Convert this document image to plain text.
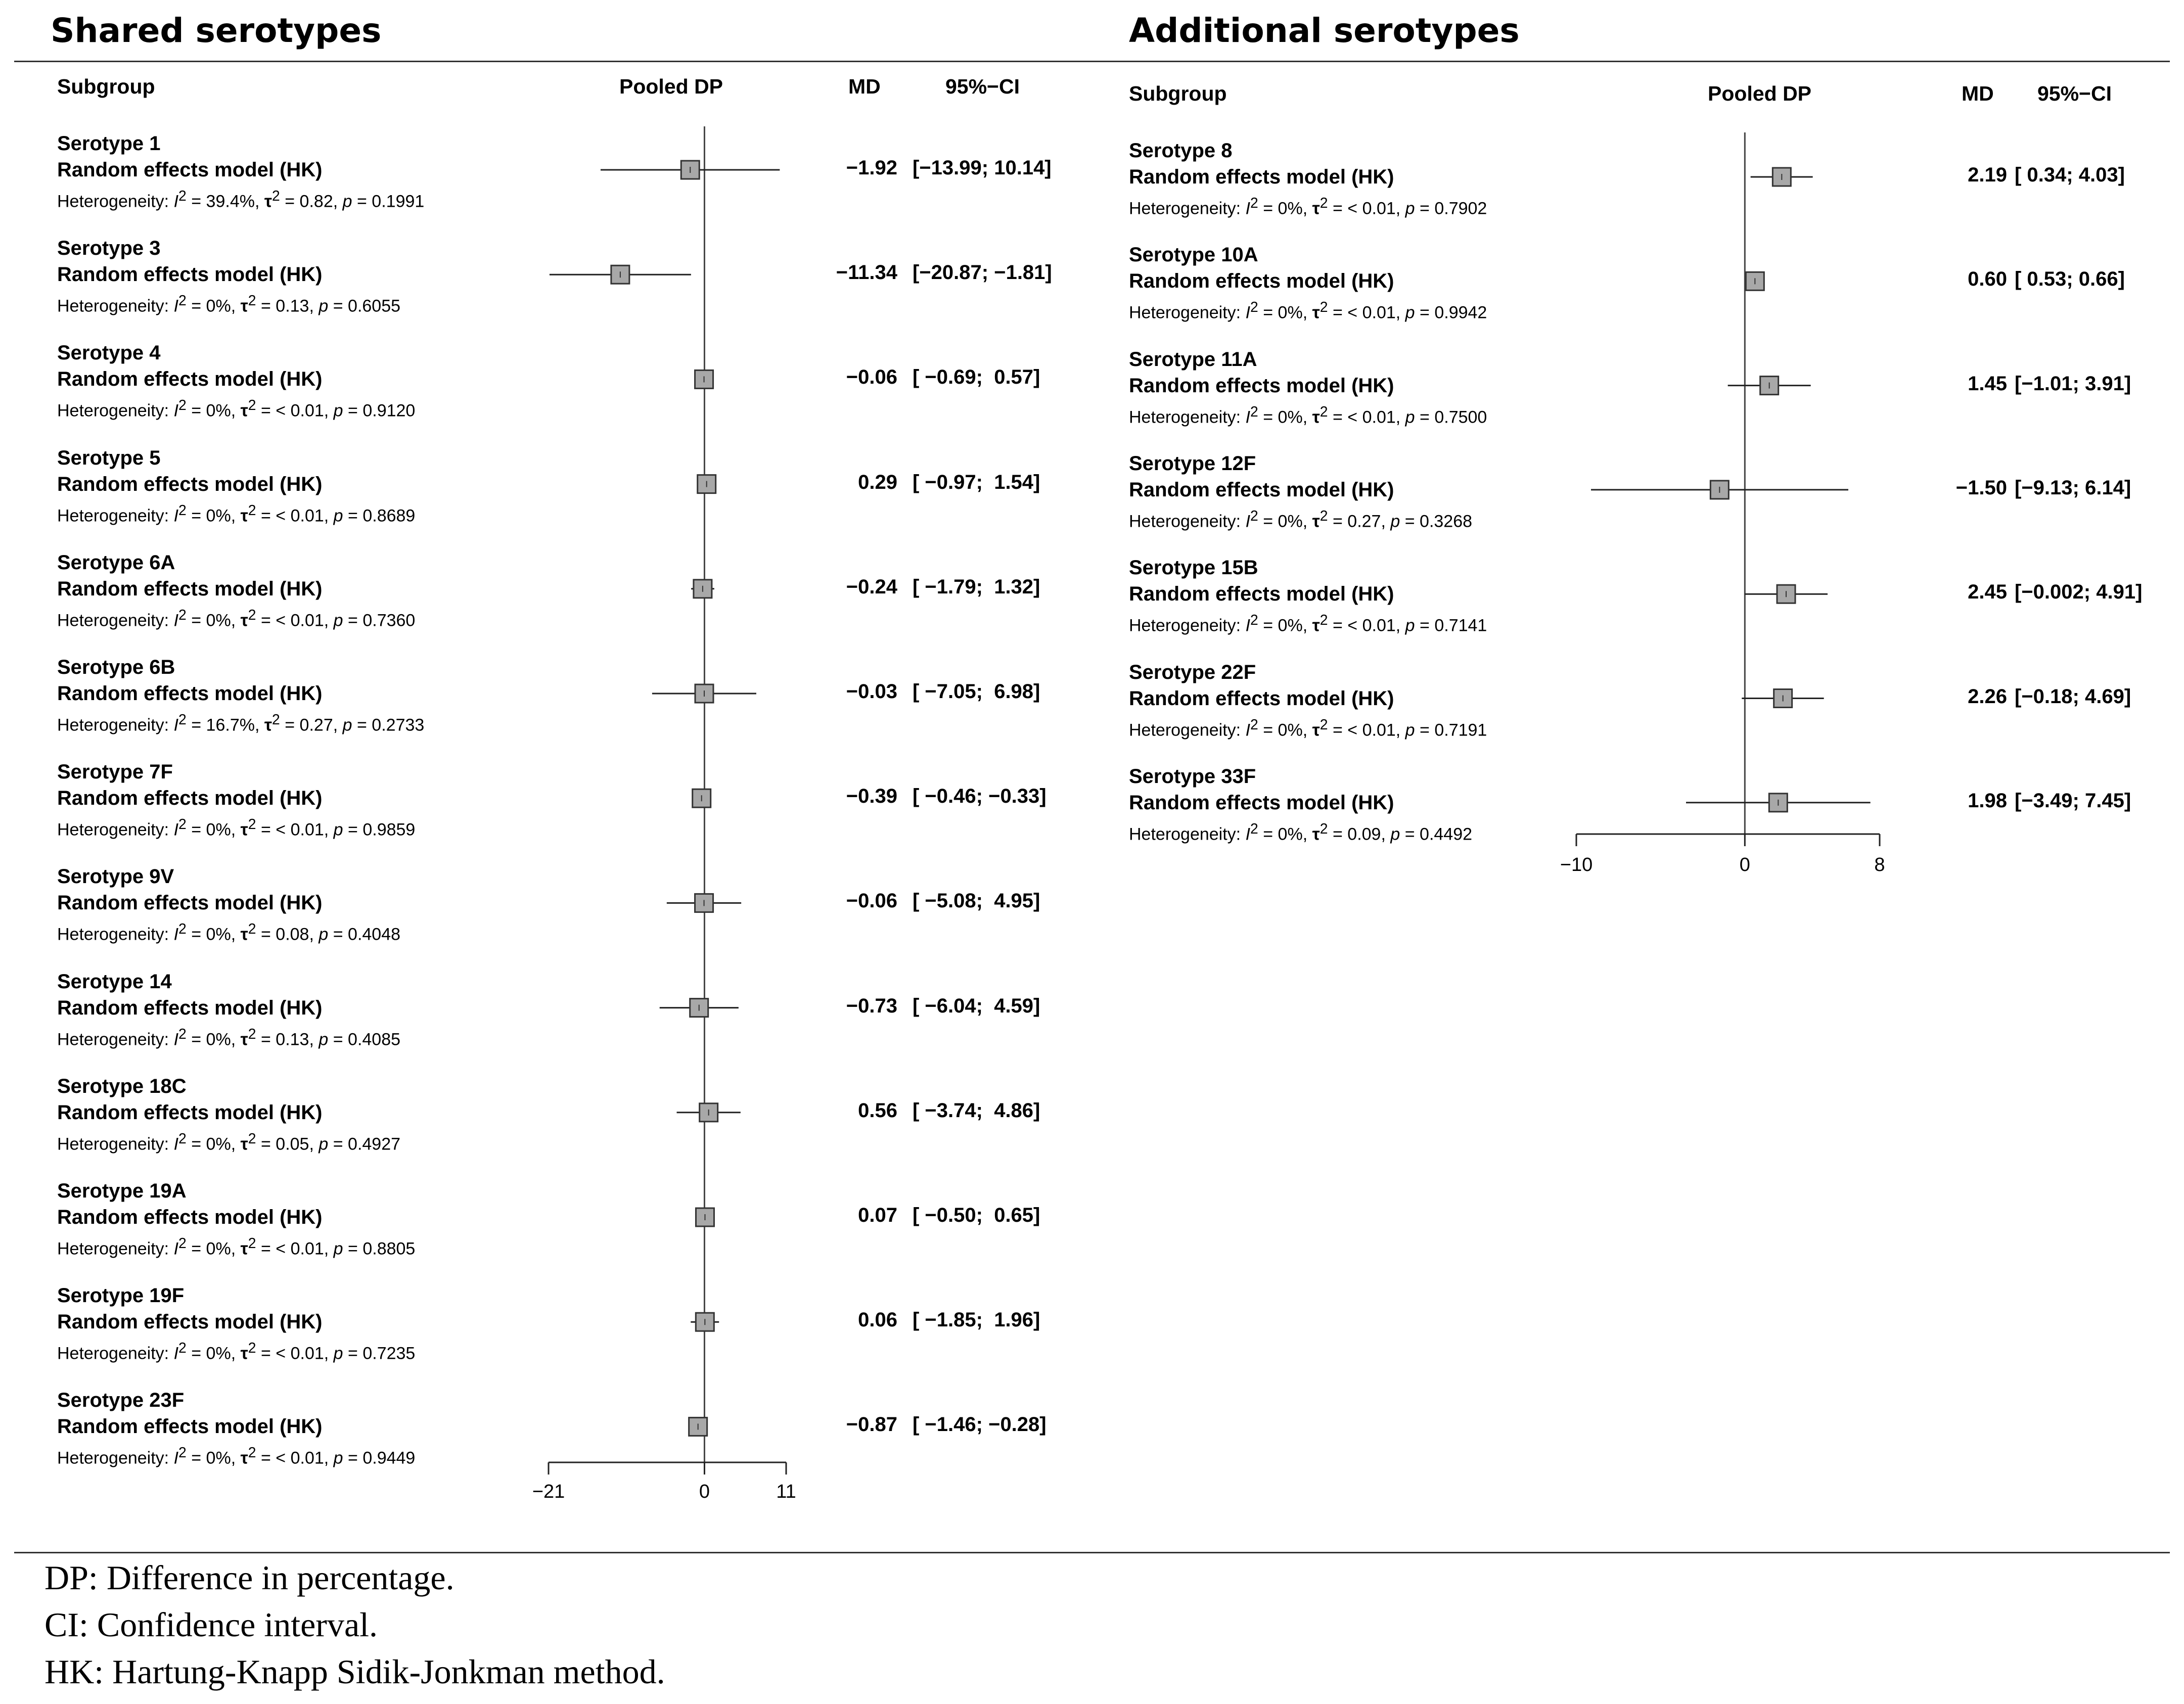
Shared serotypes	Additional serotypes
Subgroup	Pooled DP	MD	95%−CI	Subgroup	Pooled DP	MD 95%−CI
Serotype 1
Random effects model (HK)
Heterogeneity: $I^2 = 39.4\%$, $\tau^2 = 0.82$, p = 0.1991
−1.92 [−13.99; 10.14]
Serotype 3
Random effects model (HK)
Heterogeneity: $I^2 = 0\%$, $\tau^2 = 0.13$, p = 0.6055
−11.34 [−20.87; −1.81]
Serotype 4
Random effects model (HK)
Heterogeneity: $I^2 = 0\%$, $\tau^2$ = < 0.01, p = 0.9120
−0.06 [ −0.69;  0.57]
Serotype 5
Random effects model (HK)
Heterogeneity: $I^2 = 0\%$, $\tau^2$ = < 0.01, p = 0.8689
0.29 [ −0.97;  1.54]
Serotype 6A
Random effects model (HK)
Heterogeneity: $I^2 = 0\%$, $\tau^2$ = < 0.01, p = 0.7360
−0.24 [ −1.79;  1.32]
Serotype 6B
Random effects model (HK)
Heterogeneity: $I^2 = 16.7\%$, $\tau^2 = 0.27$, p = 0.2733
−0.03 [ −7.05;  6.98]
Serotype 7F
Random effects model (HK)
Heterogeneity: $I^2 = 0\%$, $\tau^2$ = < 0.01, p = 0.9859
−0.39 [ −0.46; −0.33]
Serotype 9V
Random effects model (HK)
Heterogeneity: $I^2 = 0\%$, $\tau^2 = 0.08$, p = 0.4048
−0.06 [ −5.08;  4.95]
Serotype 14
Random effects model (HK)
Heterogeneity: $I^2 = 0\%$, $\tau^2 = 0.13$, p = 0.4085
−0.73 [ −6.04;  4.59]
Serotype 18C
Random effects model (HK)
Heterogeneity: $I^2 = 0\%$, $\tau^2 = 0.05$, p = 0.4927
0.56 [ −3.74;  4.86]
Serotype 19A
Random effects model (HK)
Heterogeneity: $I^2 = 0\%$, $\tau^2$ = < 0.01, p = 0.8805
0.07 [ −0.50;  0.65]
Serotype 19F
Random effects model (HK)
Heterogeneity: $I^2 = 0\%$, $\tau^2$ = < 0.01, p = 0.7235
0.06 [ −1.85;  1.96]
Serotype 23F
Random effects model (HK)
Heterogeneity: $I^2 = 0\%$, $\tau^2$ = < 0.01, p = 0.9449
−0.87 [ −1.46; −0.28]
Serotype 8
Random effects model (HK)
Heterogeneity: $I^2 = 0\%$, $\tau^2$ = < 0.01, p = 0.7902
2.19 [ 0.34; 4.03]
Serotype 10A
Random effects model (HK)
Heterogeneity: $I^2 = 0\%$, $\tau^2$ = < 0.01, p = 0.9942
0.60 [ 0.53; 0.66]
Serotype 11A
Random effects model (HK)
Heterogeneity: $I^2 = 0\%$, $\tau^2$ = < 0.01, p = 0.7500
1.45 [−1.01; 3.91]
Serotype 12F
Random effects model (HK)
Heterogeneity: $I^2 = 0\%$, $\tau^2 = 0.27$, p = 0.3268
−1.50 [−9.13; 6.14]
Serotype 15B
Random effects model (HK)
Heterogeneity: $I^2 = 0\%$, $\tau^2$ = < 0.01, p = 0.7141
2.45 [−0.002; 4.91]
Serotype 22F
Random effects model (HK)
Heterogeneity: $I^2 = 0\%$, $\tau^2$ = < 0.01, p = 0.7191
2.26 [−0.18; 4.69]
Serotype 33F
Random effects model (HK)
Heterogeneity: $I^2 = 0\%$, $\tau^2 = 0.09$, p = 0.4492
1.98 [−3.49; 7.45]
−21	0	11
−10	0	8
DP: Difference in percentage.
CI: Confidence interval.
HK: Hartung-Knapp Sidik-Jonkman method.
